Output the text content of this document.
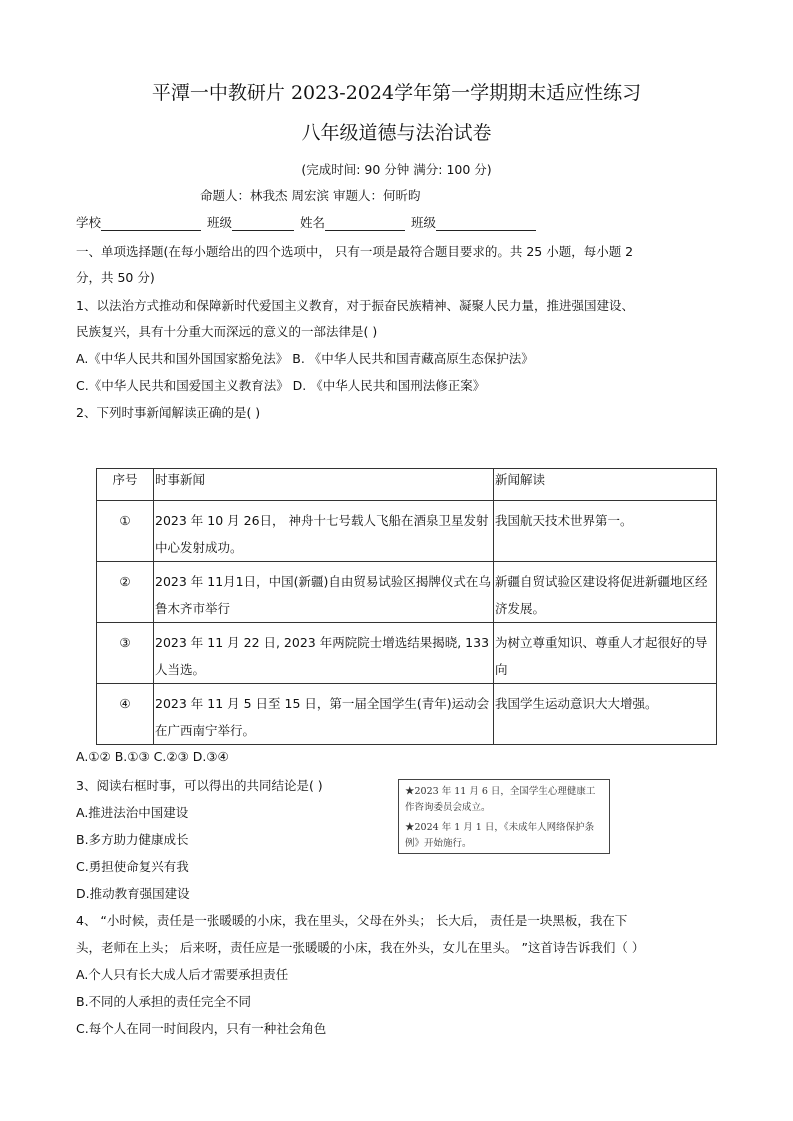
平潭一中教研片 2023-2024学年第一学期期末适应性练习
八年级道德与法治试卷
(完成时间: 90 分钟 满分: 100 分)
命题人：林我杰 周宏滨 审题人：何昕昀
学校	班级	姓名	班级
一、单项选择题(在每小题给出的四个选项中， 只有一项是最符合题目要求的。共 25 小题，每小题 2
分，共 50 分)
1、以法治方式推动和保障新时代爱国主义教育，对于振奋民族精神、凝聚人民力量，推进强国建设、
民族复兴，具有十分重大而深远的意义的一部法律是( )
A.《中华人民共和国外国国家豁免法》 B. 《中华人民共和国青藏高原生态保护法》
C.《中华人民共和国爱国主义教育法》 D. 《中华人民共和国刑法修正案》
2、下列时事新闻解读正确的是( )
序号	时事新闻	新闻解读
①	2023 年 10 月 26日， 神舟十七号载人飞船在酒泉卫星发射中心发射成功。	我国航天技术世界第一。
②	2023 年 11月1日，中国(新疆)自由贸易试验区揭牌仪式在乌鲁木齐市举行	新疆自贸试验区建设将促进新疆地区经济发展。
③	2023 年 11 月 22 日, 2023 年两院院士增选结果揭晓, 133 人当选。	为树立尊重知识、尊重人才起很好的导向
④	2023 年 11 月 5 日至 15 日，第一届全国学生(青年)运动会在广西南宁举行。	我国学生运动意识大大增强。
A.①② B.①③ C.②③ D.③④
3、阅读右框时事，可以得出的共同结论是( )
A.推进法治中国建设
B.多方助力健康成长
C.勇担使命复兴有我
D.推动教育强国建设
★2023 年 11 月 6 日，全国学生心理健康工作咨询委员会成立。
★2024 年 1 月 1 日，《未成年人网络保护条例》开始施行。
4、 “小时候，责任是一张暖暖的小床，我在里头，父母在外头； 长大后， 责任是一块黑板，我在下
头，老师在上头； 后来呀，责任应是一张暖暖的小床，我在外头，女儿在里头。 ”这首诗告诉我们（ ）
A.个人只有长大成人后才需要承担责任
B.不同的人承担的责任完全不同
C.每个人在同一时间段内，只有一种社会角色
